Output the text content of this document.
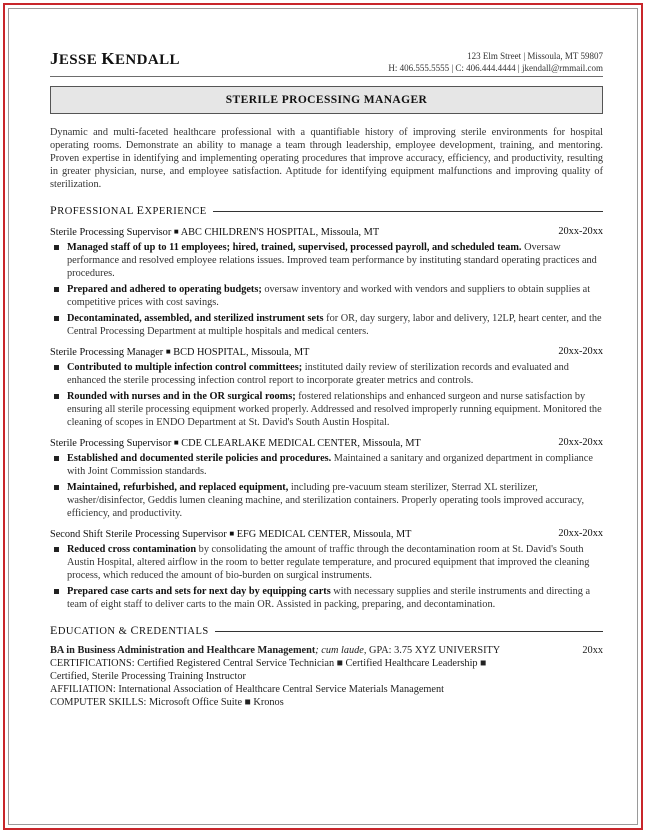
JESSE KENDALL	123 Elm Street | Missoula, MT 59807
H: 406.555.5555 | C: 406.444.4444 | jkendall@rmmail.com
STERILE PROCESSING MANAGER
Dynamic and multi-faceted healthcare professional with a quantifiable history of improving sterile environments for hospital operating rooms. Demonstrate an ability to manage a team through leadership, employee development, training, and mentoring. Proven expertise in identifying and implementing operating procedures that improve accuracy, efficiency, and productivity, resulting in greater physician, nurse, and employee satisfaction. Aptitude for identifying equipment malfunctions and improving quality of sterilization.
PROFESSIONAL EXPERIENCE
Sterile Processing Supervisor ■ ABC CHILDREN'S HOSPITAL, Missoula, MT	20xx-20xx
Managed staff of up to 11 employees; hired, trained, supervised, processed payroll, and scheduled team. Oversaw performance and resolved employee relations issues. Improved team performance by instituting standard operating practices and procedures.
Prepared and adhered to operating budgets; oversaw inventory and worked with vendors and suppliers to obtain supplies at competitive prices with cost savings.
Decontaminated, assembled, and sterilized instrument sets for OR, day surgery, labor and delivery, 12LP, heart center, and the Central Processing Department at multiple hospitals and medical centers.
Sterile Processing Manager ■ BCD HOSPITAL, Missoula, MT	20xx-20xx
Contributed to multiple infection control committees; instituted daily review of sterilization records and evaluated and enhanced the sterile processing infection control report to incorporate greater metrics and controls.
Rounded with nurses and in the OR surgical rooms; fostered relationships and enhanced surgeon and nurse satisfaction by ensuring all sterile processing equipment worked properly. Addressed and resolved improperly running equipment. Monitored the cleaning of scopes in ENDO Department at St. David's South Austin Hospital.
Sterile Processing Supervisor ■ CDE CLEARLAKE MEDICAL CENTER, Missoula, MT	20xx-20xx
Established and documented sterile policies and procedures. Maintained a sanitary and organized department in compliance with Joint Commission standards.
Maintained, refurbished, and replaced equipment, including pre-vacuum steam sterilizer, Sterrad XL sterilizer, washer/disinfector, Geddis lumen cleaning machine, and sterilization containers. Properly operating tools improved accuracy, efficiency, and productivity.
Second Shift Sterile Processing Supervisor ■ EFG MEDICAL CENTER, Missoula, MT	20xx-20xx
Reduced cross contamination by consolidating the amount of traffic through the decontamination room at St. David's South Austin Hospital, altered airflow in the room to better regulate temperature, and procured equipment that improved the cleaning process, which reduced the amount of bio-burden on surgical instruments.
Prepared case carts and sets for next day by equipping carts with necessary supplies and sterile instruments and directing a team of eight staff to deliver carts to the main OR. Assisted in packing, preparing, and decontamination.
EDUCATION & CREDENTIALS
BA in Business Administration and Healthcare Management; cum laude, GPA: 3.75 XYZ UNIVERSITY	20xx
CERTIFICATIONS: Certified Registered Central Service Technician ■ Certified Healthcare Leadership ■
Certified, Sterile Processing Training Instructor
AFFILIATION: International Association of Healthcare Central Service Materials Management
COMPUTER SKILLS: Microsoft Office Suite ■ Kronos
